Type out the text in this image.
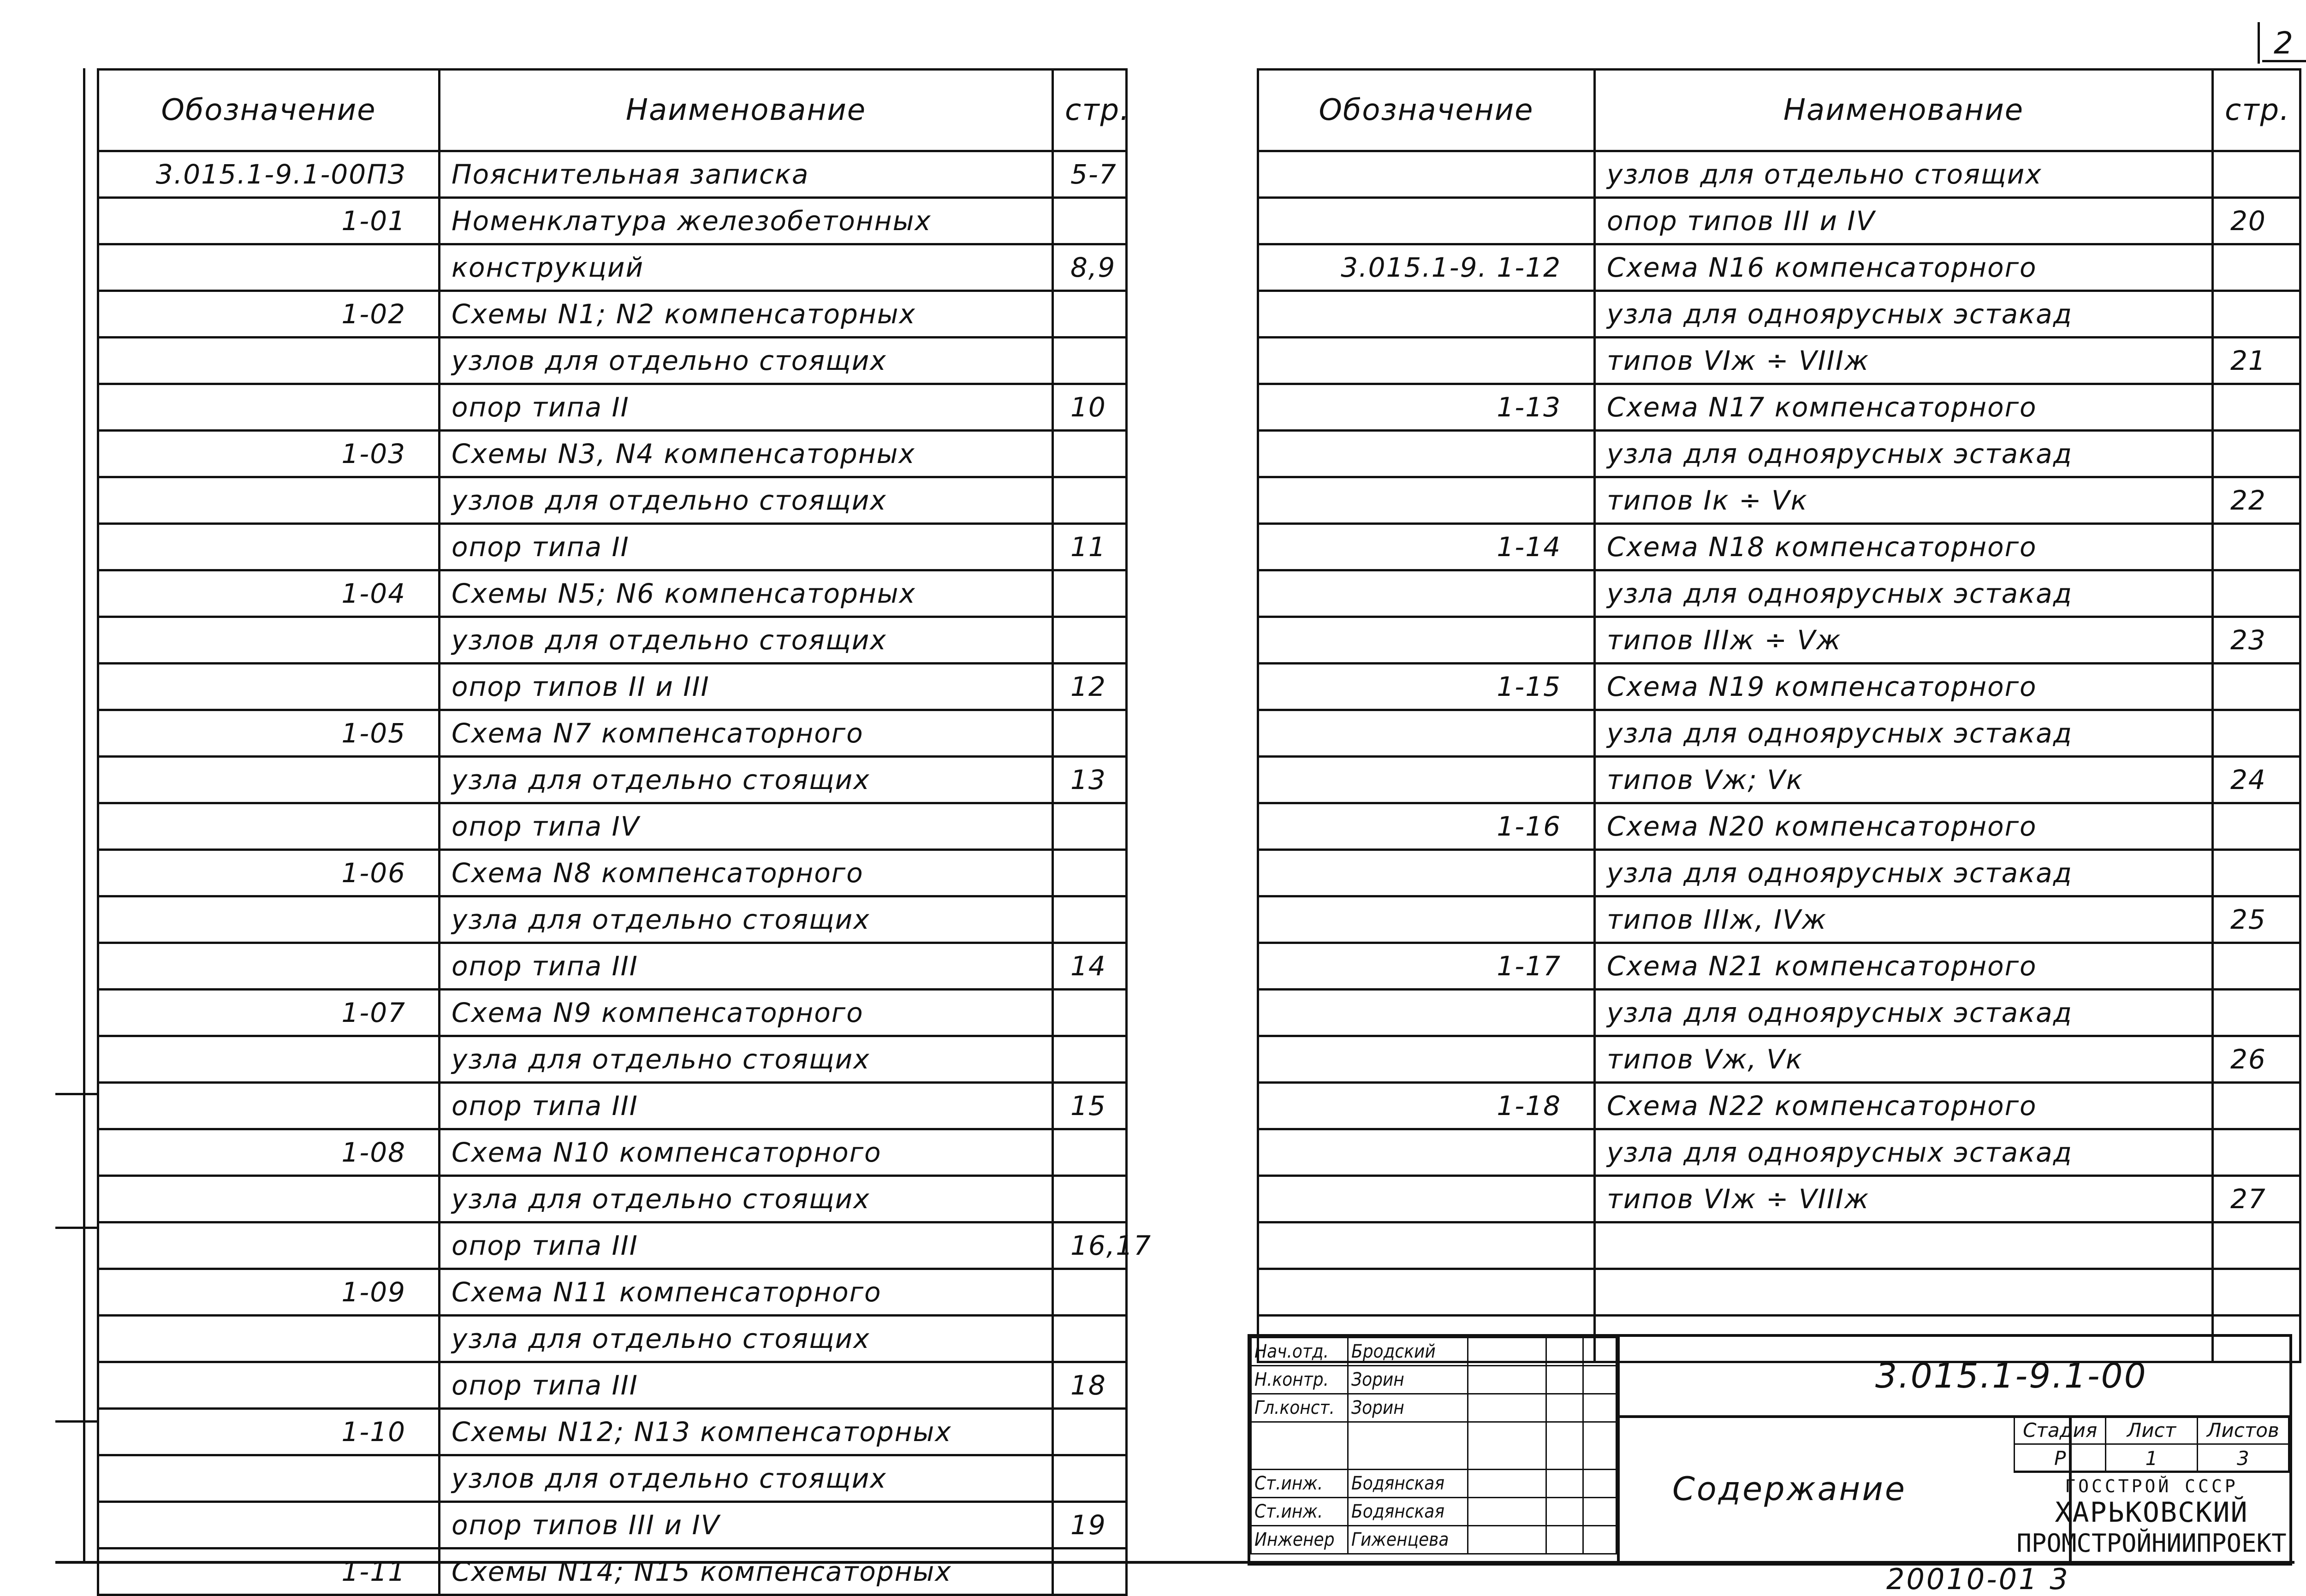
2
Обозначение	Наименование	стр.
3.015.1-9.1-00ПЗ	Пояснительная записка	5-7
1-01	Номенклатура железобетонных	
	конструкций	8,9
1-02	Схемы N1; N2 компенсаторных	
	узлов для отдельно стоящих	
	опор типа II	10
1-03	Схемы N3, N4 компенсаторных	
	узлов для отдельно стоящих	
	опор типа II	11
1-04	Схемы N5; N6 компенсаторных	
	узлов для отдельно стоящих	
	опор типов II и III	12
1-05	Схема N7 компенсаторного	
	узла для отдельно стоящих	13
	опор типа IV	
1-06	Схема N8 компенсаторного	
	узла для отдельно стоящих	
	опор типа III	14
1-07	Схема N9 компенсаторного	
	узла для отдельно стоящих	
	опор типа III	15
1-08	Схема N10 компенсаторного	
	узла для отдельно стоящих	
	опор типа III	16,17
1-09	Схема N11 компенсаторного	
	узла для отдельно стоящих	
	опор типа III	18
1-10	Схемы N12; N13 компенсаторных	
	узлов для отдельно стоящих	
	опор типов III и IV	19
1-11	Схемы N14; N15 компенсаторных	
Обозначение	Наименование	стр.
	узлов для отдельно стоящих	
	опор типов III и IV	20
3.015.1-9. 1-12	Схема N16 компенсаторного	
	узла для одноярусных эстакад	
	типов VIж ÷ VIIIж	21
1-13	Схема N17 компенсаторного	
	узла для одноярусных эстакад	
	типов Iк ÷ Vк	22
1-14	Схема N18 компенсаторного	
	узла для одноярусных эстакад	
	типов IIIж ÷ Vж	23
1-15	Схема N19 компенсаторного	
	узла для одноярусных эстакад	
	типов Vж; Vк	24
1-16	Схема N20 компенсаторного	
	узла для одноярусных эстакад	
	типов IIIж, IVж	25
1-17	Схема N21 компенсаторного	
	узла для одноярусных эстакад	
	типов Vж, Vк	26
1-18	Схема N22 компенсаторного	
	узла для одноярусных эстакад	
	типов VIж ÷ VIIIж	27

Нач.отд.	Бродский			
Н.контр.	Зорин			
Гл.конст.	Зорин			

Ст.инж.	Бодянская			
Ст.инж.	Бодянская			
Инженер	Гиженцева			
3.015.1-9.1-00
Содержание
Стадия	Лист	Листов
Р	1	3
ГОССТРОЙ СССР
ХАРЬКОВСКИЙ
ПРОМСТРОЙНИИПРОЕКТ
20010-01 3
